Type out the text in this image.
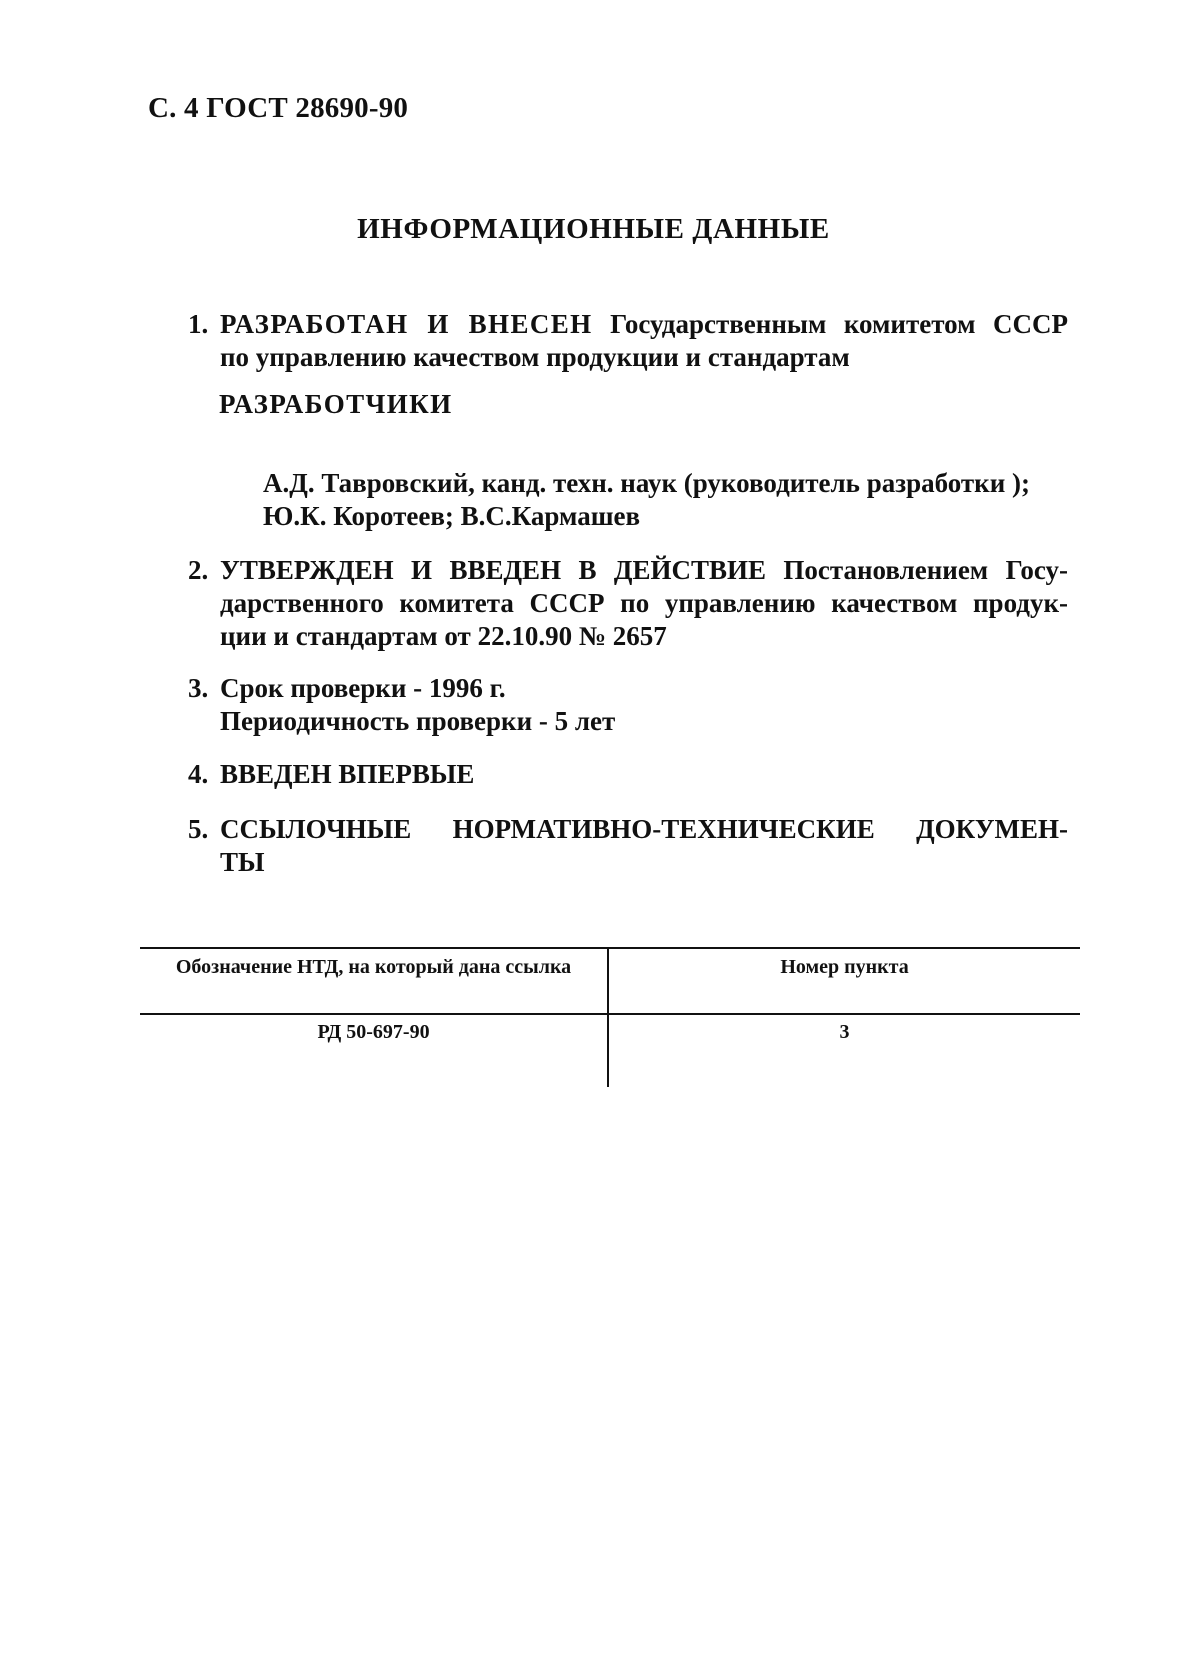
С. 4 ГОСТ 28690-90

ИНФОРМАЦИОННЫЕ ДАННЫЕ
1. РАЗРАБОТАН И ВНЕСЕН Государственным комитетом СССР
по управлению качеством продукции и стандартам

РАЗРАБОТЧИКИ

А.Д. Тавровский, канд. техн. наук (руководитель разработки );
Ю.К. Коротеев; В.С.Кармашев
2. УТВЕРЖДЕН И ВВЕДЕН В ДЕЙСТВИЕ Постановлением Госу-
дарственного комитета СССР по управлению качеством продук-
ции и стандартам от 22.10.90 № 2657
3. Срок проверки - 1996 г.
Периодичность проверки - 5 лет
4. ВВЕДЕН ВПЕРВЫЕ
5. ССЫЛОЧНЫЕ НОРМАТИВНО-ТЕХНИЧЕСКИЕ ДОКУМЕН-
ТЫ
Обозначение НТД, на который дана ссылка	Номер пункта
РД 50-697-90	3
